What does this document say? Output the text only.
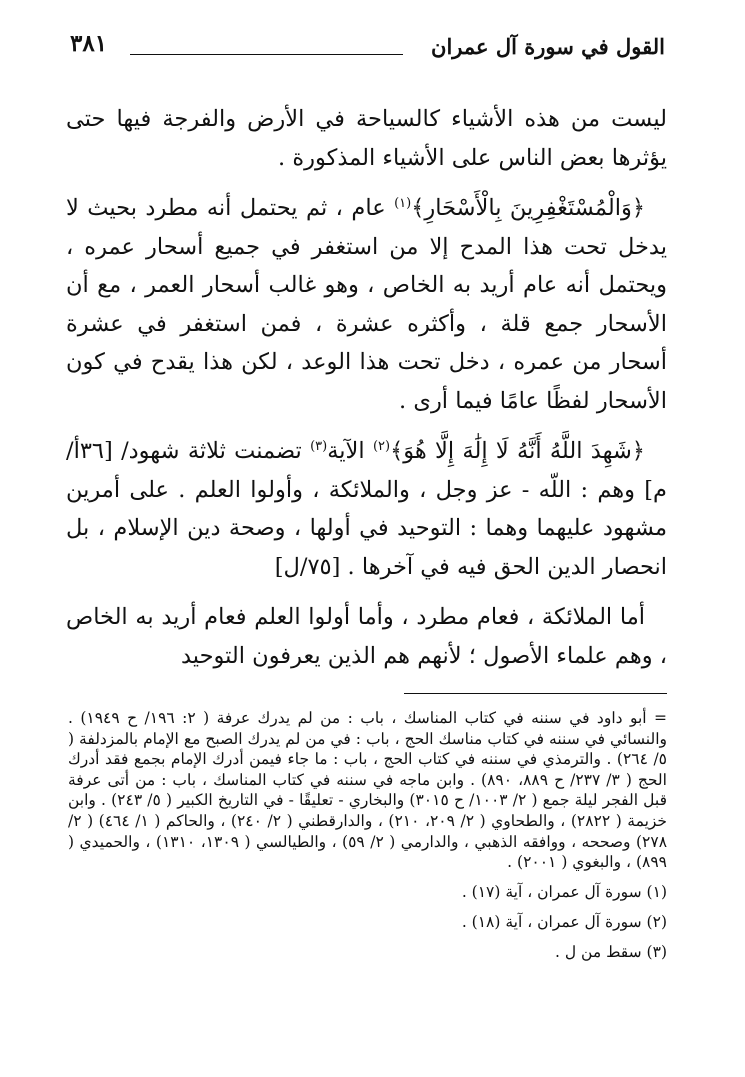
القول في سورة آل عمران
٣٨١

ليست من هذه الأشياء كالسياحة في الأرض والفرجة فيها حتى يؤثرها بعض الناس على الأشياء المذكورة .

﴿وَالْمُسْتَغْفِرِينَ بِالْأَسْحَارِ﴾$^{(١)}$ عام ، ثم يحتمل أنه مطرد بحيث لا يدخل تحت هذا المدح إلا من استغفر في جميع أسحار عمره ، ويحتمل أنه عام أريد به الخاص ، وهو غالب أسحار العمر ، مع أن الأسحار جمع قلة ، وأكثره عشرة ، فمن استغفر في عشرة أسحار من عمره ، دخل تحت هذا الوعد ، لكن هذا يقدح في كون الأسحار لفظًا عامًا فيما أرى .

﴿شَهِدَ اللَّهُ أَنَّهُ لَا إِلَٰهَ إِلَّا هُوَ﴾$^{(٢)}$ الآية$^{(٣)}$ تضمنت ثلاثة شهود/ [٣٦أ/م] وهم : اللّه - عز وجل ، والملائكة ، وأولوا العلم . على أمرين مشهود عليهما وهما : التوحيد في أولها ، وصحة دين الإسلام ، بل انحصار الدين الحق فيه في آخرها . [٧٥/ل]

أما الملائكة ، فعام مطرد ، وأما أولوا العلم فعام أريد به الخاص ، وهم علماء الأصول ؛ لأنهم هم الذين يعرفون التوحيد

= أبو داود في سننه في كتاب المناسك ، باب : من لم يدرك عرفة ( ٢: ١٩٦/ ح ١٩٤٩) . والنسائي في سننه في كتاب مناسك الحج ، باب : في من لم يدرك الصبح مع الإمام بالمزدلفة ( ٥/ ٢٦٤) . والترمذي في سننه في كتاب الحج ، باب : ما جاء فيمن أدرك الإمام بجمع فقد أدرك الحج ( ٣/ ٢٣٧/ ح ٨٨٩، ٨٩٠) . وابن ماجه في سننه في كتاب المناسك ، باب : من أتى عرفة قبل الفجر ليلة جمع ( ٢/ ١٠٠٣/ ح ٣٠١٥) والبخاري - تعليقًا - في التاريخ الكبير ( ٥/ ٢٤٣) . وابن خزيمة ( ٢٨٢٢) ، والطحاوي ( ٢/ ٢٠٩، ٢١٠) ، والدارقطني ( ٢/ ٢٤٠) ، والحاكم ( ١/ ٤٦٤) ( ٢/ ٢٧٨) وصححه ، ووافقه الذهبي ، والدارمي ( ٢/ ٥٩) ، والطيالسي ( ١٣٠٩، ١٣١٠) ، والحميدي ( ٨٩٩) ، والبغوي ( ٢٠٠١) .

(١) سورة آل عمران ، آية (١٧) .

(٢) سورة آل عمران ، آية (١٨) .

(٣) سقط من ل .
